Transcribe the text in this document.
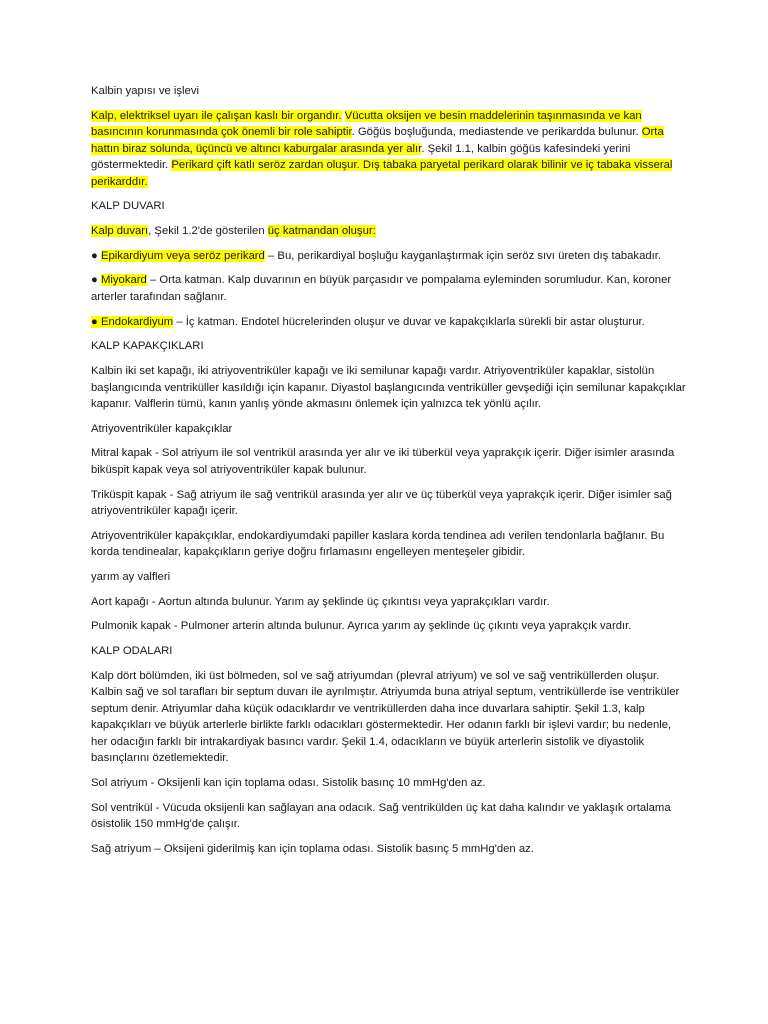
Kalbin yapısı ve işlevi

Kalp, elektriksel uyarı ile çalışan kaslı bir organdır. Vücutta oksijen ve besin maddelerinin taşınmasında ve kan basıncının korunmasında çok önemli bir role sahiptir. Göğüs boşluğunda, mediastende ve perikardda bulunur. Orta hattın biraz solunda, üçüncü ve altıncı kaburgalar arasında yer alır. Şekil 1.1, kalbin göğüs kafesindeki yerini göstermektedir. Perikard çift katlı seröz zardan oluşur. Dış tabaka paryetal perikard olarak bilinir ve iç tabaka visseral perikarddır.

KALP DUVARI

Kalp duvarı, Şekil 1.2'de gösterilen üç katmandan oluşur:

● Epikardiyum veya seröz perikard – Bu, perikardiyal boşluğu kayganlaştırmak için seröz sıvı üreten dış tabakadır.

● Miyokard – Orta katman. Kalp duvarının en büyük parçasıdır ve pompalama eyleminden sorumludur. Kan, koroner arterler tarafından sağlanır.

● Endokardiyum – İç katman. Endotel hücrelerinden oluşur ve duvar ve kapakçıklarla sürekli bir astar oluşturur.

KALP KAPAKÇIKLARI

Kalbin iki set kapağı, iki atriyoventriküler kapağı ve iki semilunar kapağı vardır. Atriyoventriküler kapaklar, sistolün başlangıcında ventriküller kasıldığı için kapanır. Diyastol başlangıcında ventriküller gevşediği için semilunar kapakçıklar kapanır. Valflerin tümü, kanın yanlış yönde akmasını önlemek için yalnızca tek yönlü açılır.

Atriyoventriküler kapakçıklar

Mitral kapak - Sol atriyum ile sol ventrikül arasında yer alır ve iki tüberkül veya yaprakçık içerir. Diğer isimler arasında biküspit kapak veya sol atriyoventriküler kapak bulunur.

Triküspit kapak - Sağ atriyum ile sağ ventrikül arasında yer alır ve üç tüberkül veya yaprakçık içerir. Diğer isimler sağ atriyoventriküler kapağı içerir.

Atriyoventriküler kapakçıklar, endokardiyumdaki papiller kaslara korda tendinea adı verilen tendonlarla bağlanır. Bu korda tendinealar, kapakçıkların geriye doğru fırlamasını engelleyen menteşeler gibidir.

yarım ay valfleri

Aort kapağı - Aortun altında bulunur. Yarım ay şeklinde üç çıkıntısı veya yaprakçıkları vardır.

Pulmonik kapak - Pulmoner arterin altında bulunur. Ayrıca yarım ay şeklinde üç çıkıntı veya yaprakçık vardır.

KALP ODALARI

Kalp dört bölümden, iki üst bölmeden, sol ve sağ atriyumdan (plevral atriyum) ve sol ve sağ ventriküllerden oluşur. Kalbin sağ ve sol tarafları bir septum duvarı ile ayrılmıştır. Atriyumda buna atriyal septum, ventriküllerde ise ventriküler septum denir. Atriyumlar daha küçük odacıklardır ve ventriküllerden daha ince duvarlara sahiptir. Şekil 1.3, kalp kapakçıkları ve büyük arterlerle birlikte farklı odacıkları göstermektedir. Her odanın farklı bir işlevi vardır; bu nedenle, her odacığın farklı bir intrakardiyak basıncı vardır. Şekil 1.4, odacıkların ve büyük arterlerin sistolik ve diyastolik basınçlarını özetlemektedir.

Sol atriyum - Oksijenli kan için toplama odası. Sistolik basınç 10 mmHg'den az.

Sol ventrikül - Vücuda oksijenli kan sağlayan ana odacık. Sağ ventrikülden üç kat daha kalındır ve yaklaşık ortalama ösistolik 150 mmHg'de çalışır.

Sağ atriyum – Oksijeni giderilmiş kan için toplama odası. Sistolik basınç 5 mmHg'den az.
